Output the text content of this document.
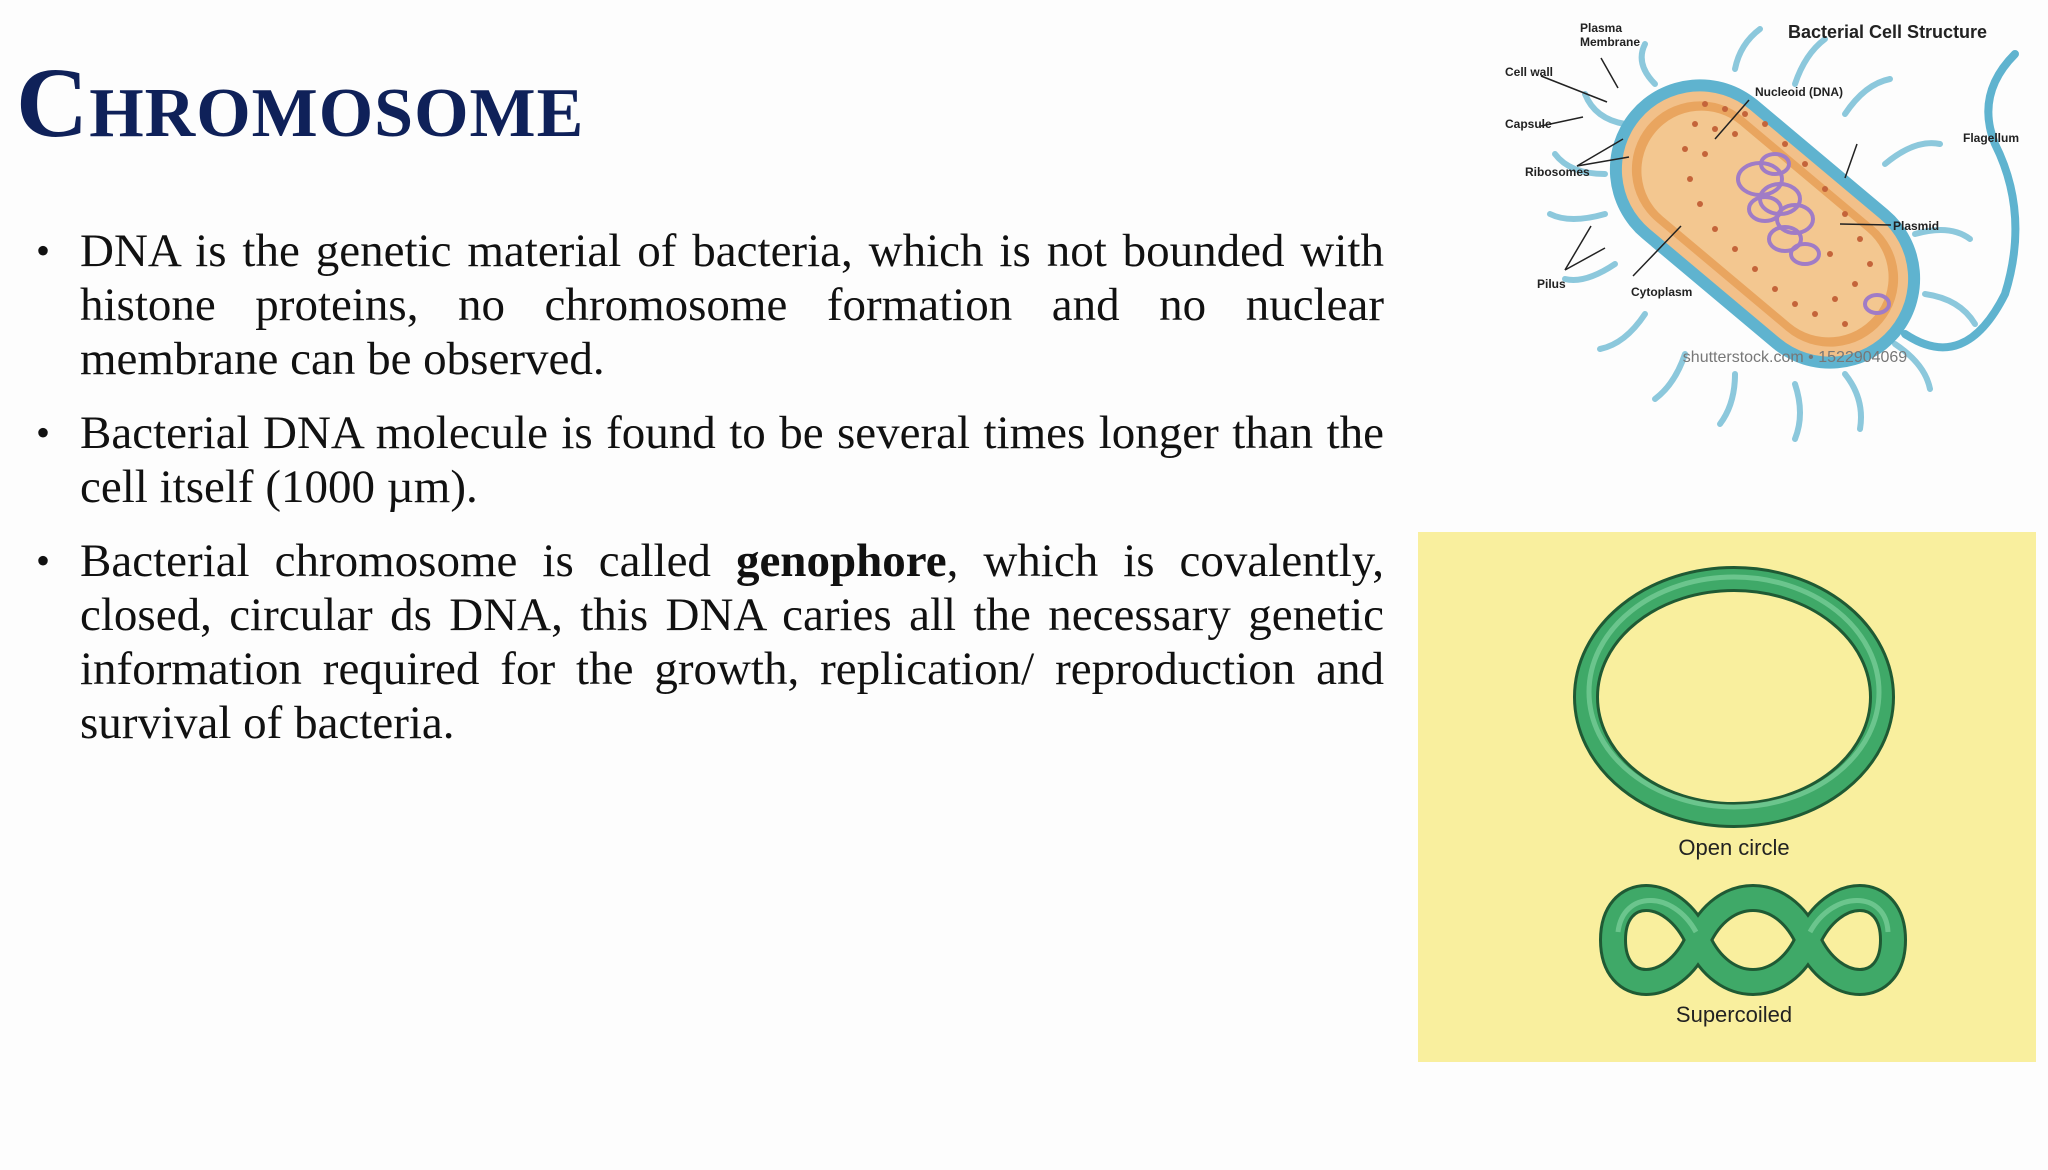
Chromosome
• DNA is the genetic material of bacteria, which is not bounded with histone proteins, no chromosome formation and no nuclear membrane can be observed.
• Bacterial DNA molecule is found to be several times longer than the cell itself (1000 µm).
• Bacterial chromosome is called genophore, which is covalently, closed, circular ds DNA, this DNA caries all the necessary genetic information required for the growth, replication/ reproduction and survival of bacteria.
Plasma
Membrane
Cell wall
Capsule
Ribosomes
Pilus
Cytoplasm
Nucleoid (DNA)
Flagellum
Plasmid
Bacterial Cell Structure
shutterstock.com • 1522904069
Open circle
Supercoiled
